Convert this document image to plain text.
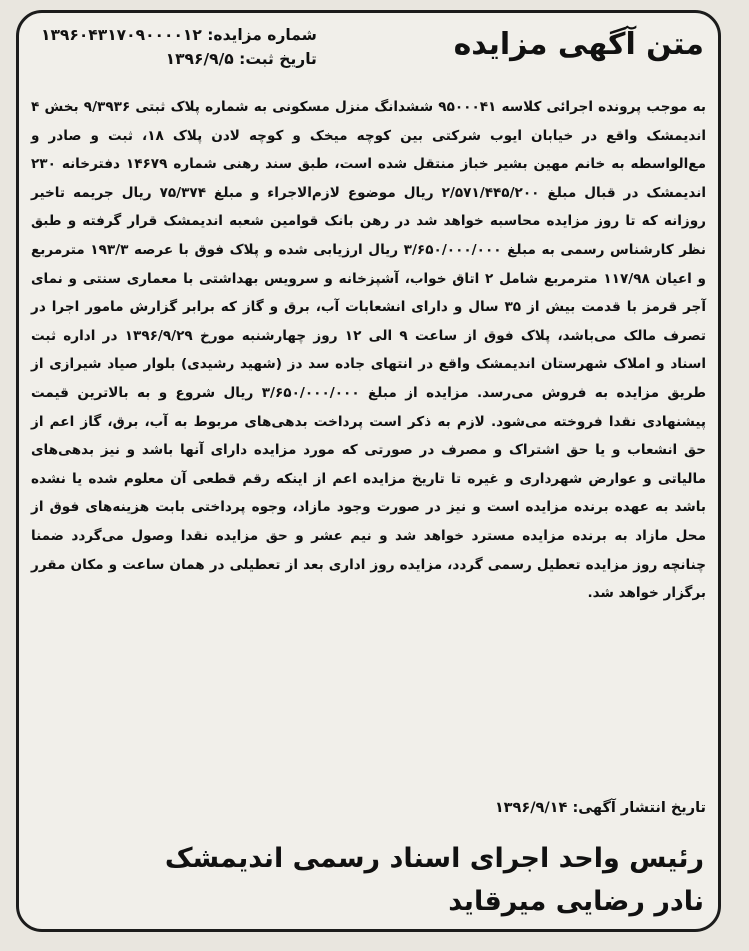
متن آگهی مزایده
شماره مزایده: ۱۳۹۶۰۴۳۱۷۰۹۰۰۰۰۱۲
تاریخ ثبت: ۱۳۹۶/۹/۵

به موجب پرونده اجرائی کلاسه ۹۵۰۰۰۴۱ ششدانگ منزل مسکونی به شماره پلاک ثبتی ۹/۳۹۳۶ بخش ۴ اندیمشک واقع در خیابان ایوب شرکتی بین کوچه میخک و کوچه لادن پلاک ۱۸، ثبت و صادر و مع‌الواسطه به خانم مهین بشیر خباز منتقل شده است، طبق سند رهنی شماره ۱۴۶۷۹ دفترخانه ۲۳۰ اندیمشک در قبال مبلغ ۲/۵۷۱/۴۴۵/۲۰۰ ریال موضوع لازم‌الاجراء و مبلغ ۷۵/۳۷۴ ریال جریمه تاخیر روزانه که تا روز مزایده محاسبه خواهد شد در رهن بانک قوامین شعبه اندیمشک قرار گرفته و طبق نظر کارشناس رسمی به مبلغ ۳/۶۵۰/۰۰۰/۰۰۰ ریال ارزیابی شده و پلاک فوق با عرصه ۱۹۳/۳ مترمربع و اعیان ۱۱۷/۹۸ مترمربع شامل ۲ اتاق خواب، آشپزخانه و سرویس بهداشتی با معماری سنتی و نمای آجر قرمز با قدمت بیش از ۳۵ سال و دارای انشعابات آب، برق و گاز که برابر گزارش مامور اجرا در تصرف مالک می‌باشد، پلاک فوق از ساعت ۹ الی ۱۲ روز چهارشنبه مورخ ۱۳۹۶/۹/۲۹ در اداره ثبت اسناد و املاک شهرستان اندیمشک واقع در انتهای جاده سد دز (شهید رشیدی) بلوار صیاد شیرازی از طریق مزایده به فروش می‌رسد. مزایده از مبلغ ۳/۶۵۰/۰۰۰/۰۰۰ ریال شروع و به بالاترین قیمت پیشنهادی نقدا فروخته می‌شود. لازم به ذکر است پرداخت بدهی‌های مربوط به آب، برق، گاز اعم از حق انشعاب و یا حق اشتراک و مصرف در صورتی که مورد مزایده دارای آنها باشد و نیز بدهی‌های مالیاتی و عوارض شهرداری و غیره تا تاریخ مزایده اعم از اینکه رقم قطعی آن معلوم شده یا نشده باشد به عهده برنده مزایده است و نیز در صورت وجود مازاد، وجوه پرداختی بابت هزینه‌های فوق از محل مازاد به برنده مزایده مسترد خواهد شد و نیم عشر و حق مزایده نقدا وصول می‌گردد ضمنا چنانچه روز مزایده تعطیل رسمی گردد، مزایده روز اداری بعد از تعطیلی در همان ساعت و مکان مقرر برگزار خواهد شد.

تاریخ انتشار آگهی: ۱۳۹۶/۹/۱۴
رئیس واحد اجرای اسناد رسمی اندیمشک
نادر رضایی میرقاید
